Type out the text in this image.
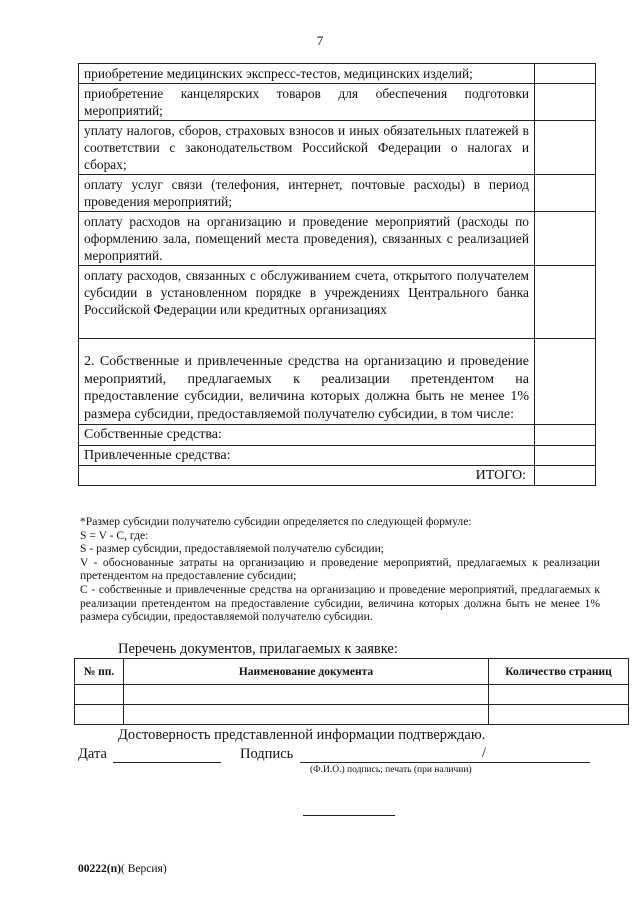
7
приобретение медицинских экспресс-тестов, медицинских изделий;	
приобретение канцелярских товаров для обеспечения подготовки мероприятий;	
уплату налогов, сборов, страховых взносов и иных обязательных платежей в соответствии с законодательством Российской Федерации о налогах и сборах;	
оплату услуг связи (телефония, интернет, почтовые расходы) в период проведения мероприятий;	
оплату расходов на организацию и проведение мероприятий (расходы по оформлению зала, помещений места проведения), связанных с реализацией мероприятий.	
оплату расходов, связанных с обслуживанием счета, открытого получателем субсидии в установленном порядке в учреждениях Центрального банка Российской Федерации или кредитных организациях	
2. Собственные и привлеченные средства на организацию и проведение мероприятий, предлагаемых к реализации претендентом на предоставление субсидии, величина которых должна быть не менее 1% размера субсидии, предоставляемой получателю субсидии, в том числе:	
Собственные средства:	
Привлеченные средства:	
ИТОГО:	

*Размер субсидии получателю субсидии определяется по следующей формуле:

S = V - C, где:

S - размер субсидии, предоставляемой получателю субсидии;

V - обоснованные затраты на организацию и проведение мероприятий, предлагаемых к реализации претендентом на предоставление субсидии;

С - собственные и привлеченные средства на организацию и проведение мероприятий, предлагаемых к реализации претендентом на предоставление субсидии, величина которых должна быть не менее 1% размера субсидии, предоставляемой получателю субсидии.

Перечень документов, прилагаемых к заявке:
№ пп.	Наименование документа	Количество страниц

Достоверность представленной информации подтверждаю.
Дата	Подпись	/
(Ф.И.О.) подпись; печать (при наличии)
00222(п)( Версия)
